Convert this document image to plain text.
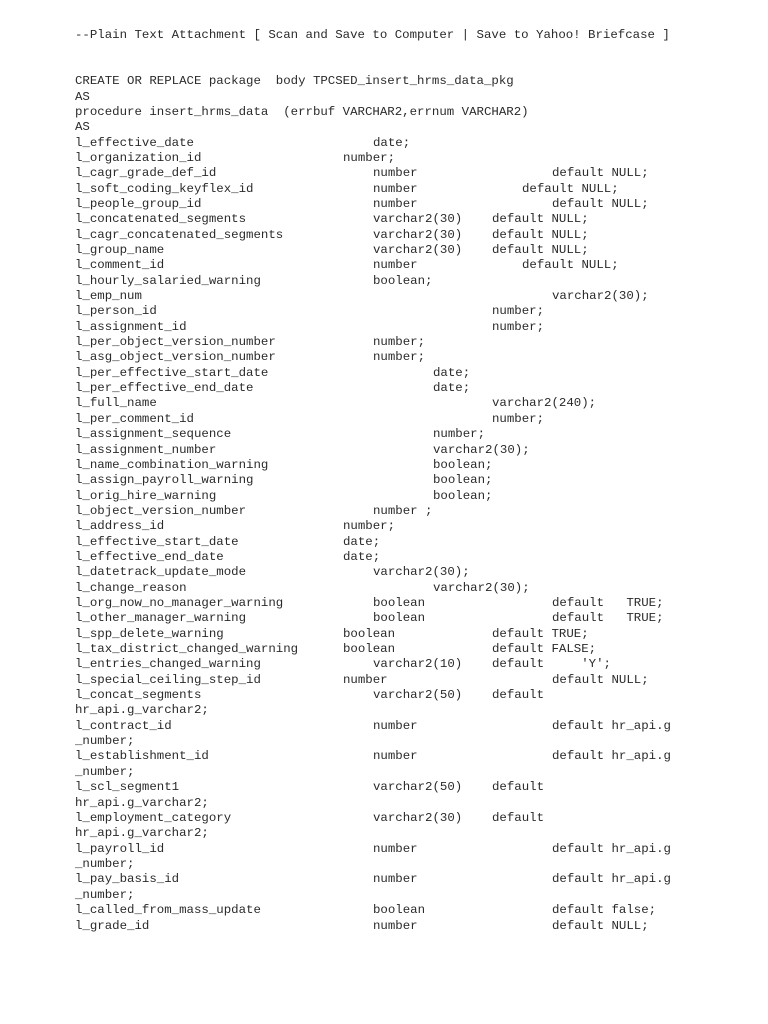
--Plain Text Attachment [ Scan and Save to Computer | Save to Yahoo! Briefcase ]

CREATE OR REPLACE package  body TPCSED_insert_hrms_data_pkg
AS
procedure insert_hrms_data  (errbuf VARCHAR2,errnum VARCHAR2)
AS
l_effective_date	date;
l_organization_id	number;
l_cagr_grade_def_id	number	default NULL;
l_soft_coding_keyflex_id	number	default NULL;
l_people_group_id	number	default NULL;
l_concatenated_segments	varchar2(30) default NULL;
l_cagr_concatenated_segments	varchar2(30) default NULL;
l_group_name	varchar2(30) default NULL;
l_comment_id	number	default NULL;
l_hourly_salaried_warning	boolean;
l_emp_num	varchar2(30);
l_person_id	number;
l_assignment_id	number;
l_per_object_version_number	number;
l_asg_object_version_number	number;
l_per_effective_start_date	date;
l_per_effective_end_date	date;
l_full_name	varchar2(240);
l_per_comment_id	number;
l_assignment_sequence	number;
l_assignment_number	varchar2(30);
l_name_combination_warning	boolean;
l_assign_payroll_warning	boolean;
l_orig_hire_warning	boolean;
l_object_version_number	number ;
l_address_id	number;
l_effective_start_date	date;
l_effective_end_date	date;
l_datetrack_update_mode	varchar2(30);
l_change_reason	varchar2(30);
l_org_now_no_manager_warning	boolean	default   TRUE;
l_other_manager_warning	boolean	default   TRUE;
l_spp_delete_warning	boolean	default TRUE;
l_tax_district_changed_warning	boolean	default FALSE;
l_entries_changed_warning	varchar2(10) default     'Y';
l_special_ceiling_step_id	number	default NULL;
l_concat_segments	varchar2(50) default
hr_api.g_varchar2;
l_contract_id	number	default hr_api.g
_number;
l_establishment_id	number	default hr_api.g
_number;
l_scl_segment1	varchar2(50) default
hr_api.g_varchar2;
l_employment_category	varchar2(30) default
hr_api.g_varchar2;
l_payroll_id	number	default hr_api.g
_number;
l_pay_basis_id	number	default hr_api.g
_number;
l_called_from_mass_update	boolean	default false;
l_grade_id	number	default NULL;
